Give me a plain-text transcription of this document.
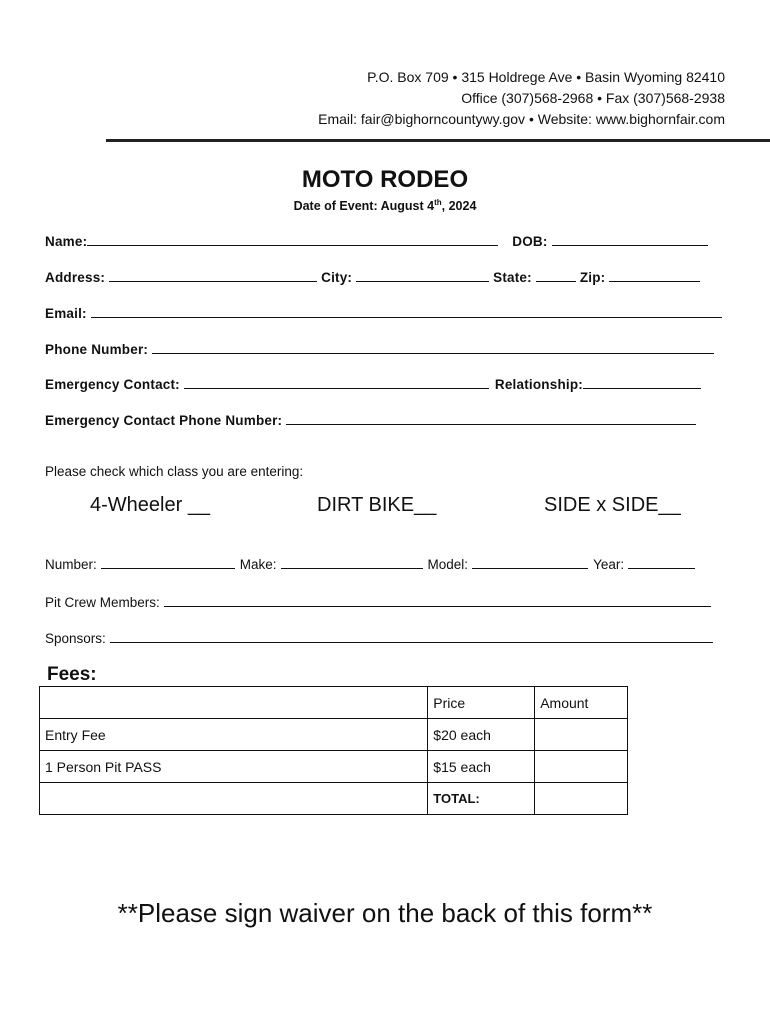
P.O. Box 709 • 315 Holdrege Ave • Basin Wyoming 82410
Office (307)568-2968 • Fax (307)568-2938
Email: fair@bighorncountywy.gov • Website: www.bighornfair.com
MOTO RODEO
Date of Event: August 4th, 2024
Name:	DOB:
Address:	City:	State:	Zip:
Email:
Phone Number:
Emergency Contact:	Relationship:
Emergency Contact Phone Number:
Please check which class you are entering:
4-Wheeler __	DIRT BIKE__	SIDE x SIDE__
Number:	Make:	Model:	Year:
Pit Crew Members:
Sponsors:
Fees:
	Price	Amount
Entry Fee	$20 each	
1 Person Pit PASS	$15 each	
	TOTAL:	
**Please sign waiver on the back of this form**
